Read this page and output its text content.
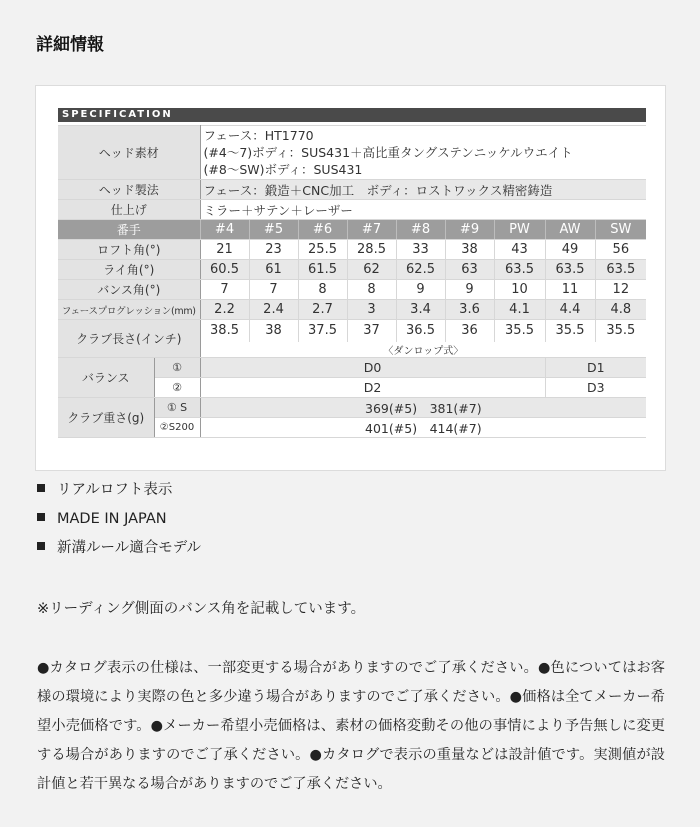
詳細情報
SPECIFICATION
ヘッド素材		フェース：HT1770
(#4〜7)ボディ：SUS431＋高比重タングステンニッケルウエイト
(#8〜SW)ボディ：SUS431								

ヘッド製法		フェース：鍛造＋CNC加工　ボディ：ロストワックス精密鋳造								
仕上げ		ミラー＋サテン＋レーザー								
番手		#4	#5	#6	#7	#8	#9	PW	AW	SW
ロフト角(°)		21	23	25.5	28.5	33	38	43	49	56
ライ角(°)		60.5	61	61.5	62	62.5	63	63.5	63.5	63.5
バンス角(°)		7	7	8	8	9	9	10	11	12
フェースプログレッション(mm)		2.2	2.4	2.7	3	3.4	3.6	4.1	4.4	4.8
クラブ長さ(インチ)		38.5	38	37.5	37	36.5	36	35.5	35.5	35.5
		〈ダンロップ式〉								
バランス	①	D0							D1	
	②	D2							D3	
クラブ重さ(g)	① S	369(#5)　381(#7)								
	②S200	401(#5)　414(#7)								
リアルロフト表示
MADE IN JAPAN
新溝ルール適合モデル
※リーディング側面のバンス角を記載しています。
●カタログ表示の仕様は、一部変更する場合がありますのでご了承ください。●色についてはお客様の環境により実際の色と多少違う場合がありますのでご了承ください。●価格は全てメーカー希望小売価格です。●メーカー希望小売価格は、素材の価格変動その他の事情により予告無しに変更する場合がありますのでご了承ください。●カタログで表示の重量などは設計値です。実測値が設計値と若干異なる場合がありますのでご了承ください。
